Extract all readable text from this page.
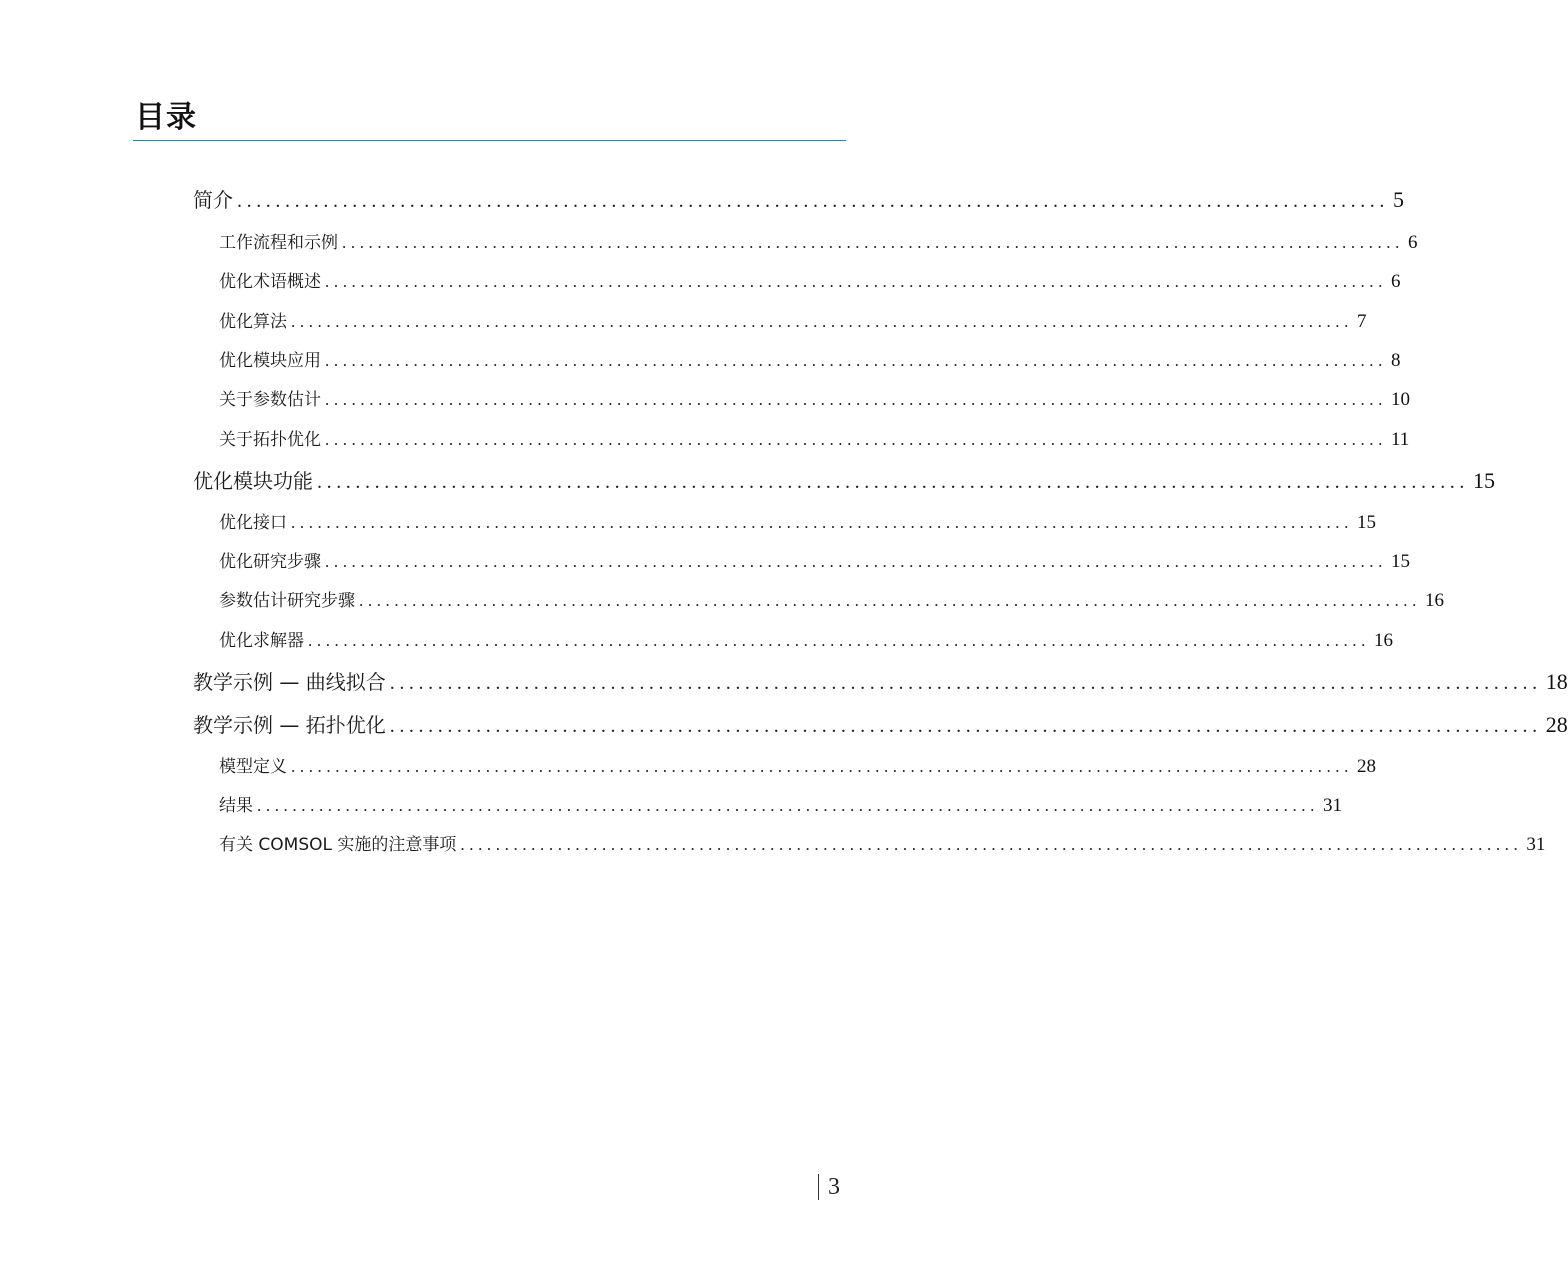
目录
简介 ........................................................................................................................ 5
工作流程和示例 ........................................................................................................................ 6
优化术语概述 ........................................................................................................................ 6
优化算法 ........................................................................................................................ 7
优化模块应用 ........................................................................................................................ 8
关于参数估计 ........................................................................................................................ 10
关于拓扑优化 ........................................................................................................................ 11
优化模块功能 ........................................................................................................................ 15
优化接口 ........................................................................................................................ 15
优化研究步骤 ........................................................................................................................ 15
参数估计研究步骤 ........................................................................................................................ 16
优化求解器 ........................................................................................................................ 16
教学示例 — 曲线拟合 ........................................................................................................................ 18
教学示例 — 拓扑优化 ........................................................................................................................ 28
模型定义 ........................................................................................................................ 28
结果 ........................................................................................................................ 31
有关 COMSOL 实施的注意事项 ........................................................................................................................ 31
3
